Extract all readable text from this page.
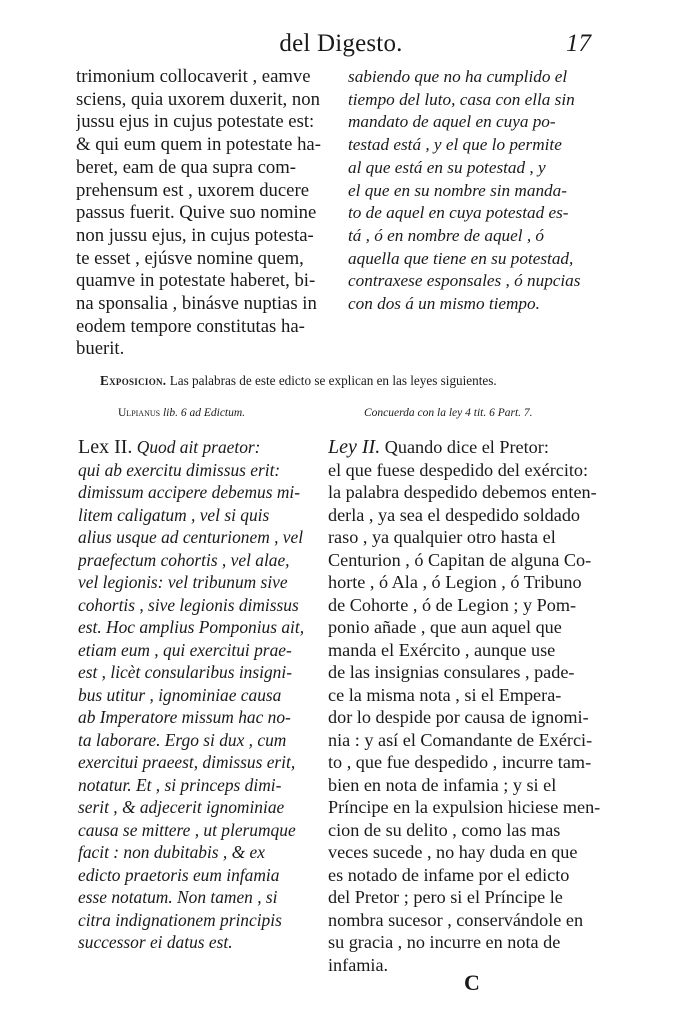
del Digesto.	17
trimonium collocaverit , eamve
sciens, quia uxorem duxerit, non
jussu ejus in cujus potestate est:
& qui eum quem in potestate ha-
beret, eam de qua supra com-
prehensum est , uxorem ducere
passus fuerit. Quive suo nomine
non jussu ejus, in cujus potesta-
te esset , ejúsve nomine quem,
quamve in potestate haberet, bi-
na sponsalia , binásve nuptias in
eodem tempore constitutas ha-
buerit.
sabiendo que no ha cumplido el
tiempo del luto, casa con ella sin
mandato de aquel en cuya po-
testad está , y el que lo permite
al que está en su potestad , y
el que en su nombre sin manda-
to de aquel en cuya potestad es-
tá , ó en nombre de aquel , ó
aquella que tiene en su potestad,
contraxese esponsales , ó nupcias
con dos á un mismo tiempo.
Exposicion. Las palabras de este edicto se explican en las leyes siguientes.
Ulpianus lib. 6 ad Edictum.	Concuerda con la ley 4 tit. 6 Part. 7.
Lex II. Quod ait praetor:
qui ab exercitu dimissus erit:
dimissum accipere debemus mi-
litem caligatum , vel si quis
alius usque ad centurionem , vel
praefectum cohortis , vel alae,
vel legionis: vel tribunum sive
cohortis , sive legionis dimissus
est. Hoc amplius Pomponius ait,
etiam eum , qui exercitui prae-
est , licèt consularibus insigni-
bus utitur , ignominiae causa
ab Imperatore missum hac no-
ta laborare. Ergo si dux , cum
exercitui praeest, dimissus erit,
notatur. Et , si princeps dimi-
serit , & adjecerit ignominiae
causa se mittere , ut plerumque
facit : non dubitabis , & ex
edicto praetoris eum infamia
esse notatum. Non tamen , si
citra indignationem principis
successor ei datus est.
Ley II. Quando dice el Pretor:
el que fuese despedido del exército:
la palabra despedido debemos enten-
derla , ya sea el despedido soldado
raso , ya qualquier otro hasta el
Centurion , ó Capitan de alguna Co-
horte , ó Ala , ó Legion , ó Tribuno
de Cohorte , ó de Legion ; y Pom-
ponio añade , que aun aquel que
manda el Exército , aunque use
de las insignias consulares , pade-
ce la misma nota , si el Empera-
dor lo despide por causa de ignomi-
nia : y así el Comandante de Exérci-
to , que fue despedido , incurre tam-
bien en nota de infamia ; y si el
Príncipe en la expulsion hiciese men-
cion de su delito , como las mas
veces sucede , no hay duda en que
es notado de infame por el edicto
del Pretor ; pero si el Príncipe le
nombra sucesor , conservándole en
su gracia , no incurre en nota de
infamia.
C
